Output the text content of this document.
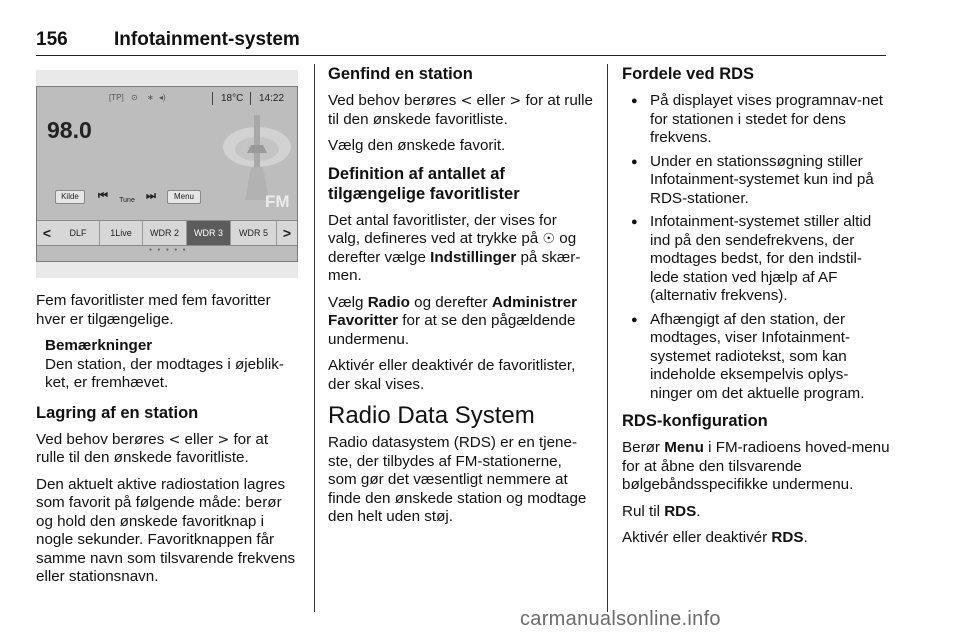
156 Infotainment-system
[TP] ⊙ ∗ ◂)	18°C 14:22
98.0
FM
Kilde	⏮	Tune ⏭	Menu
<	DLF	1Live	WDR 2	WDR 3	WDR 5	>
● ● ● ● ●

Fem favoritlister med fem favoritter hver er tilgængelige.

Bemærkninger
Den station, der modtages i øjeblik-ket, er fremhævet.
Lagring af en station

Ved behov berøres < eller > for at rulle til den ønskede favoritliste.

Den aktuelt aktive radiostation lagres som favorit på følgende måde: berør og hold den ønskede favoritknap i nogle sekunder. Favoritknappen får samme navn som tilsvarende frekvens eller stationsnavn.

Genfind en station

Ved behov berøres < eller > for at rulle til den ønskede favoritliste.

Vælg den ønskede favorit.

Definition af antallet af tilgængelige favoritlister

Det antal favoritlister, der vises for valg, defineres ved at trykke på ☉ og derefter vælge Indstillinger på skær-men.

Vælg Radio og derefter Administrer Favoritter for at se den pågældende undermenu.

Aktivér eller deaktivér de favoritlister, der skal vises.

Radio Data System

Radio datasystem (RDS) er en tjene-ste, der tilbydes af FM-stationerne, som gør det væsentligt nemmere at finde den ønskede station og modtage den helt uden støj.

Fordele ved RDS
● På displayet vises programnav-net for stationen i stedet for dens frekvens.
● Under en stationssøgning stiller Infotainment-systemet kun ind på RDS-stationer.
● Infotainment-systemet stiller altid ind på den sendefrekvens, der modtages bedst, for den indstil-lede station ved hjælp af AF (alternativ frekvens).
● Afhængigt af den station, der modtages, viser Infotainment-systemet radiotekst, som kan indeholde eksempelvis oplys-ninger om det aktuelle program.
RDS-konfiguration

Berør Menu i FM-radioens hoved-menu for at åbne den tilsvarende bølgebåndsspecifikke undermenu.

Rul til RDS.

Aktivér eller deaktivér RDS.

carmanualsonline.info
